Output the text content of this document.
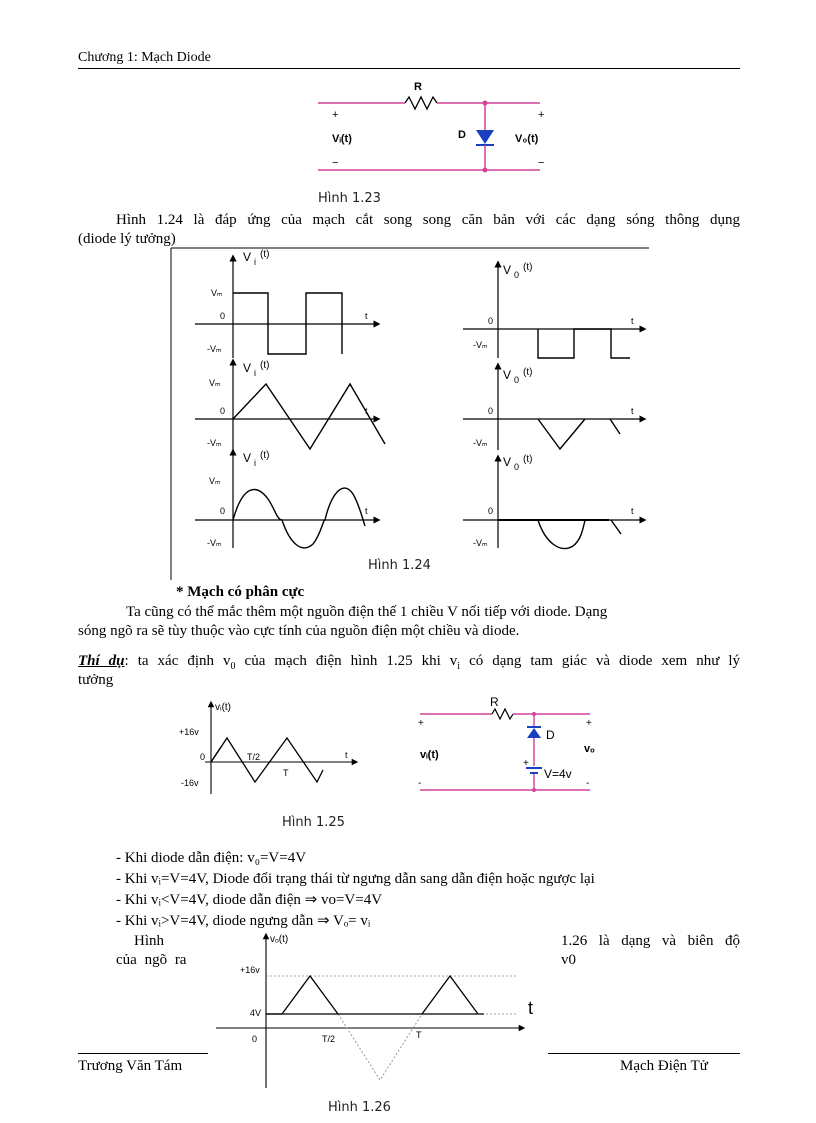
Chương 1: Mạch Diode
R
D
Vᵢ(t)	V₀(t)
+	+
−	−
Hình 1.23
Hình 1.24 là đáp ứng của mạch cắt song song căn bản với các dạng sóng thông dụng
(diode lý tưởng)
V $_i^{(t)}$
Vₘ
0
-Vₘ
t
V $_i^{(t)}$
Vₘ
0
-Vₘ
t
V $_i^{(t)}$
Vₘ
0
-Vₘ
t
V $_0^{(t)}$
0
-Vₘ
t
V $_0^{(t)}$
0
-Vₘ
t
V $_0^{(t)}$
0
-Vₘ
t
Hình 1.24
* Mạch có phân cực
Ta cũng có thể mắc thêm một nguồn điện thế 1 chiều V nối tiếp với diode. Dạng
sóng ngõ ra sẽ tùy thuộc vào cực tính của nguồn điện một chiều và diode.
Thí dụ: ta xác định $v_0$ của mạch điện hình 1.25 khi $v_i$ có dạng tam giác và diode xem như lý
tưởng
vᵢ(t)
+16v
0
-16v
T/2
T
t
R
D
vᵢ(t)	vₒ
V=4v
+	+
+
-	-
Hình 1.25
- Khi diode dẫn điện: v₀=V=4V
- Khi vᵢ=V=4V, Diode đổi trạng thái từ ngưng dẫn sang dẫn điện hoặc ngược lại
- Khi vᵢ<V=4V, diode dẫn điện ⇒ vo=V=4V
- Khi vᵢ>V=4V, diode ngưng dẫn ⇒ Vₒ= vᵢ
Hình
của ngõ ra
1.26 là dạng và biên độ
v0
Trương Văn Tám	Mạch Điện Tử
vₒ(t)
+16v
4V
0	T/2	T
t
Hình 1.26
